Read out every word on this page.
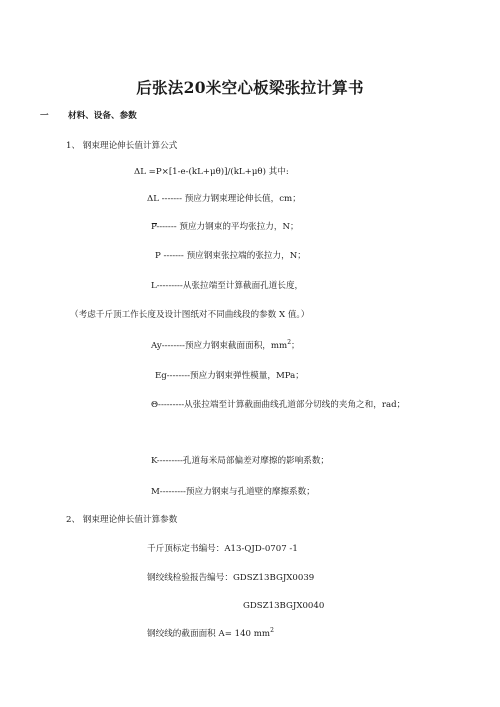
后张法20米空心板梁张拉计算书
一 材料、设备、参数
1、 钢束理论伸长值计算公式
ΔL =P×[1-e-(kL+μθ)]/(kL+μθ) 其中:
ΔL ------- 预应力钢束理论伸长值，cm；
P------- 预应力钢束的平均张拉力，N；
P ------- 预应钢束张拉端的张拉力，N；
L---------从张拉端至计算截面孔道长度，
（考虑千斤顶工作长度及设计图纸对不同曲线段的参数 X 值。）
Ay--------预应力钢束截面面积，$mm^2$；
Eg--------预应力钢束弹性模量，MPa；
Θ---------从张拉端至计算截面曲线孔道部分切线的夹角之和，rad；
K---------孔道每米局部偏差对摩擦的影响系数；
M---------预应力钢束与孔道壁的摩擦系数；
2、 钢束理论伸长值计算参数
千斤顶标定书编号：A13-QJD-0707 -1
钢绞线检验报告编号：GDSZ13BGJX0039
GDSZ13BGJX0040
钢绞线的截面面积 A= 140 $mm^2$
